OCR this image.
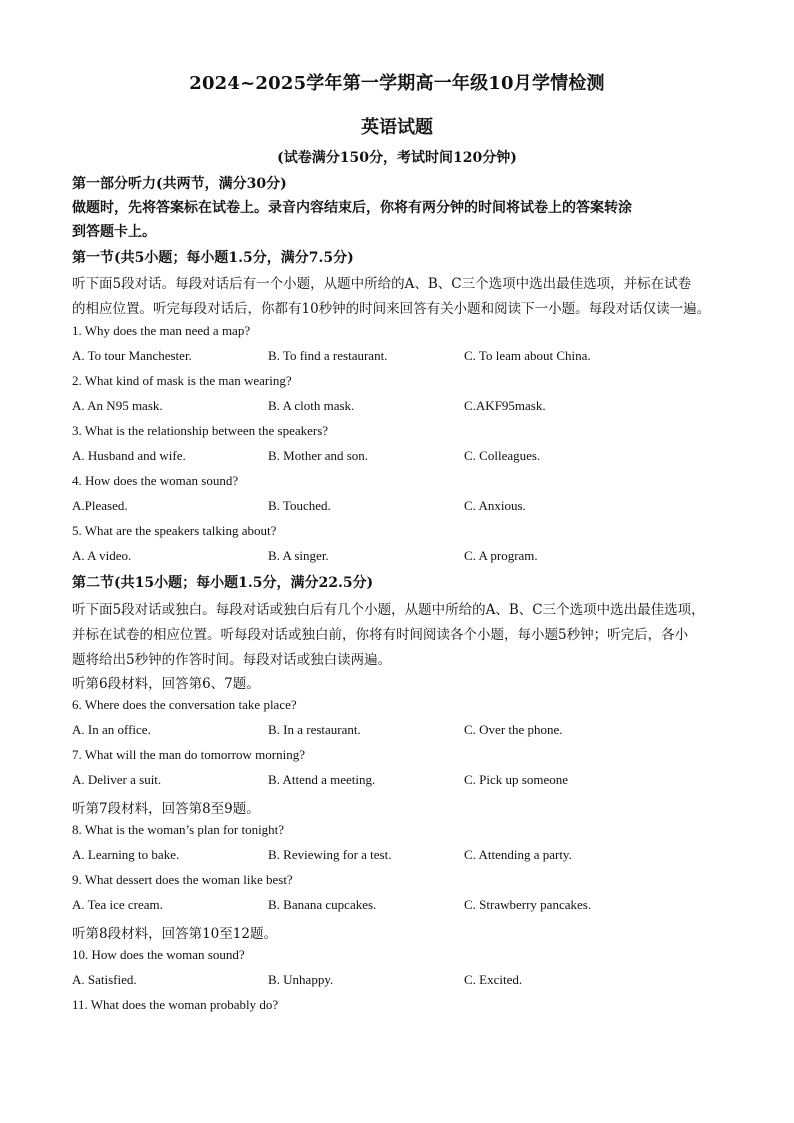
2024~2025学年第一学期高一年级10月学情检测
英语试题
(试卷满分150分，考试时间120分钟)
第一部分听力(共两节，满分30分)
做题时，先将答案标在试卷上。录音内容结束后，你将有两分钟的时间将试卷上的答案转涂
到答题卡上。
第一节(共5小题；每小题1.5分，满分7.5分)
听下面5段对话。每段对话后有一个小题，从题中所给的A、B、C三个选项中选出最佳选项，并标在试卷
的相应位置。听完每段对话后，你都有10秒钟的时间来回答有关小题和阅读下一小题。每段对话仅读一遍。
1. Why does the man need a map?
A. To tour Manchester.	B. To find a restaurant.	C. To leam about China.
2. What kind of mask is the man wearing?
A. An N95 mask.	B. A cloth mask.	C.AKF95mask.
3. What is the relationship between the speakers?
A. Husband and wife.	B. Mother and son.	C. Colleagues.
4. How does the woman sound?
A.Pleased.	B. Touched.	C. Anxious.
5. What are the speakers talking about?
A. A video.	B. A singer.	C. A program.
第二节(共15小题；每小题1.5分，满分22.5分)
听下面5段对话或独白。每段对话或独白后有几个小题，从题中所给的A、B、C三个选项中选出最佳选项，
并标在试卷的相应位置。听每段对话或独白前，你将有时间阅读各个小题，每小题5秒钟；听完后，各小
题将给出5秒钟的作答时间。每段对话或独白读两遍。
听第6段材料，回答第6、7题。
6. Where does the conversation take place?
A. In an office.	B. In a restaurant.	C. Over the phone.
7. What will the man do tomorrow morning?
A. Deliver a suit.	B. Attend a meeting.	C. Pick up someone
听第7段材料，回答第8至9题。
8. What is the woman’s plan for tonight?
A. Learning to bake.	B. Reviewing for a test.	C. Attending a party.
9. What dessert does the woman like best?
A. Tea ice cream.	B. Banana cupcakes.	C. Strawberry pancakes.
听第8段材料，回答第10至12题。
10. How does the woman sound?
A. Satisfied.	B. Unhappy.	C. Excited.
11. What does the woman probably do?
